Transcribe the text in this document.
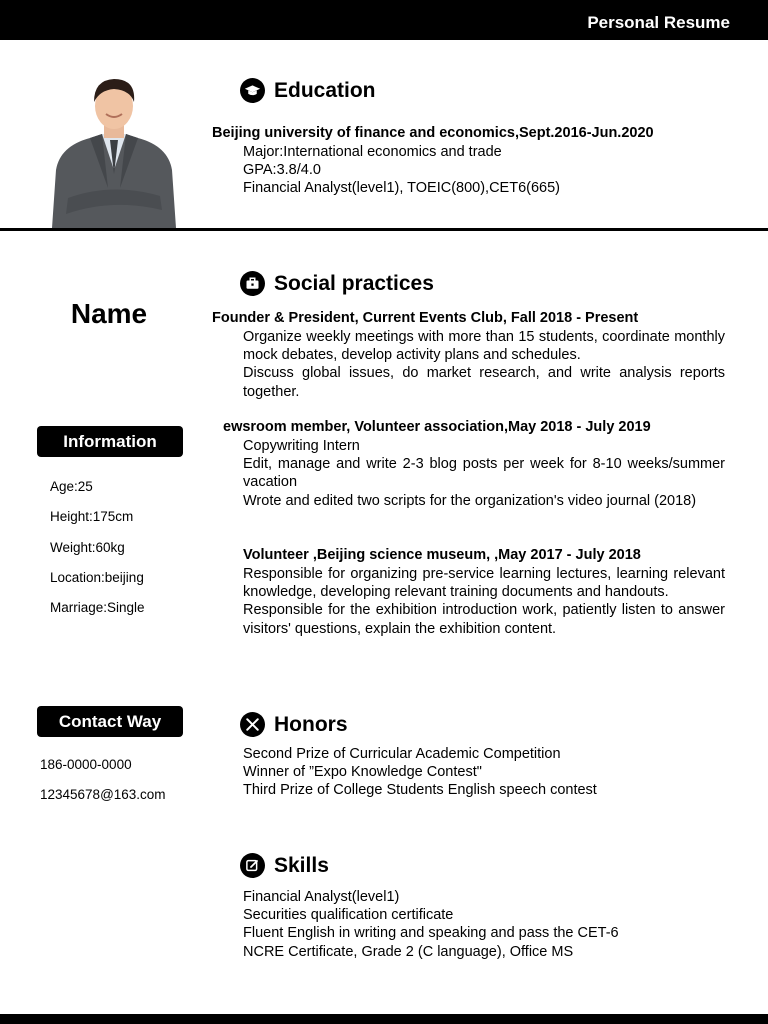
Personal Resume
Name
Information
Age:25
Height:175cm
Weight:60kg
Location:beijing
Marriage:Single
Contact Way
186-0000-0000
12345678@163.com
Education
Beijing university of finance and economics,Sept.2016-Jun.2020
Major:International economics and trade
GPA:3.8/4.0
Financial Analyst(level1), TOEIC(800),CET6(665)
Social practices
Founder & President, Current Events Club, Fall 2018 - Present
Organize weekly meetings with more than 15 students, coordinate monthly mock debates, develop activity plans and schedules.
Discuss global issues, do market research, and write analysis reports together.
ewsroom member, Volunteer association,May 2018 - July 2019
Copywriting Intern
Edit, manage and write 2-3 blog posts per week for 8-10 weeks/summer vacation
Wrote and edited two scripts for the organization's video journal (2018)
Volunteer ,Beijing science museum, ,May 2017 - July 2018
Responsible for organizing pre-service learning lectures, learning relevant knowledge, developing relevant training documents and handouts.
Responsible for the exhibition introduction work, patiently listen to answer visitors' questions, explain the exhibition content.
Honors
Second Prize of Curricular Academic Competition
Winner of ”Expo Knowledge Contest"
Third Prize of College Students English speech contest
Skills
Financial Analyst(level1)
Securities qualification certificate
Fluent English in writing and speaking and pass the CET-6
NCRE Certificate, Grade 2 (C language), Office MS
